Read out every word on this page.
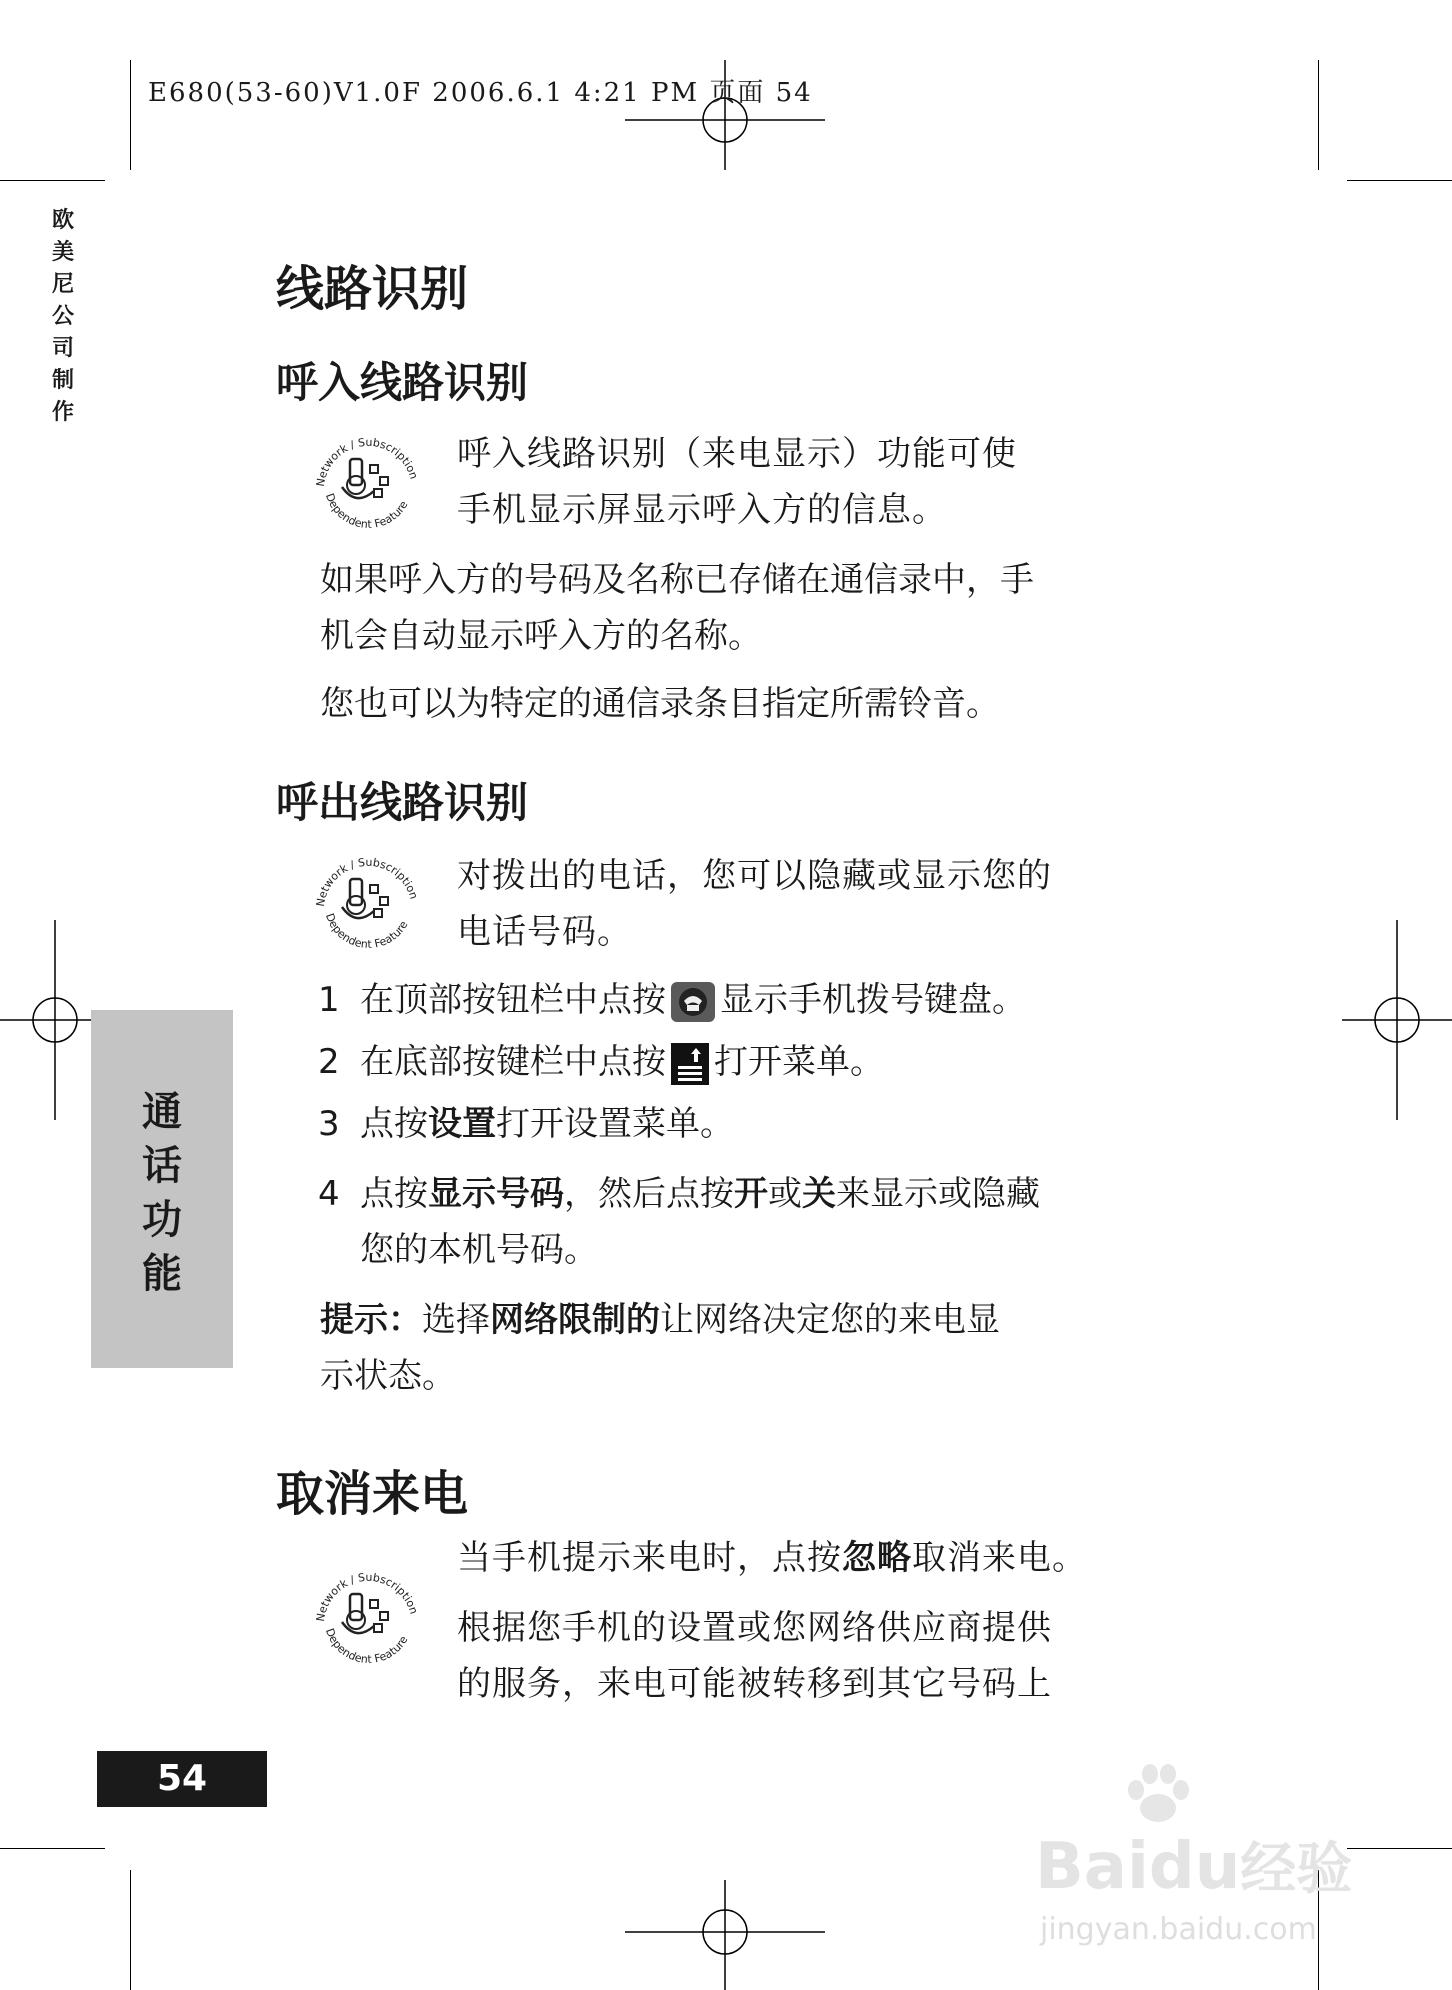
E680(53-60)V1.0F 2006.6.1 4:21 PM 页面 54
欧
美
尼
公
司
制
作
通
话
功
能
线路识别
呼入线路识别
Network / Subscription
Dependent Feature
呼入线路识别（来电显示）功能可使
手机显示屏显示呼入方的信息。
如果呼入方的号码及名称已存储在通信录中，手
机会自动显示呼入方的名称。
您也可以为特定的通信录条目指定所需铃音。
呼出线路识别
Network / Subscription
Dependent Feature
对拨出的电话，您可以隐藏或显示您的
电话号码。
1 在顶部按钮栏中点按 显示手机拨号键盘。
2 在底部按键栏中点按 打开菜单。
3 点按设置打开设置菜单。
4 点按显示号码，然后点按开或关来显示或隐藏
您的本机号码。
提示：选择网络限制的让网络决定您的来电显
示状态。
取消来电
Network / Subscription
Dependent Feature
当手机提示来电时，点按忽略取消来电。
根据您手机的设置或您网络供应商提供
的服务，来电可能被转移到其它号码上
54
Baidu经验
jingyan.baidu.com
